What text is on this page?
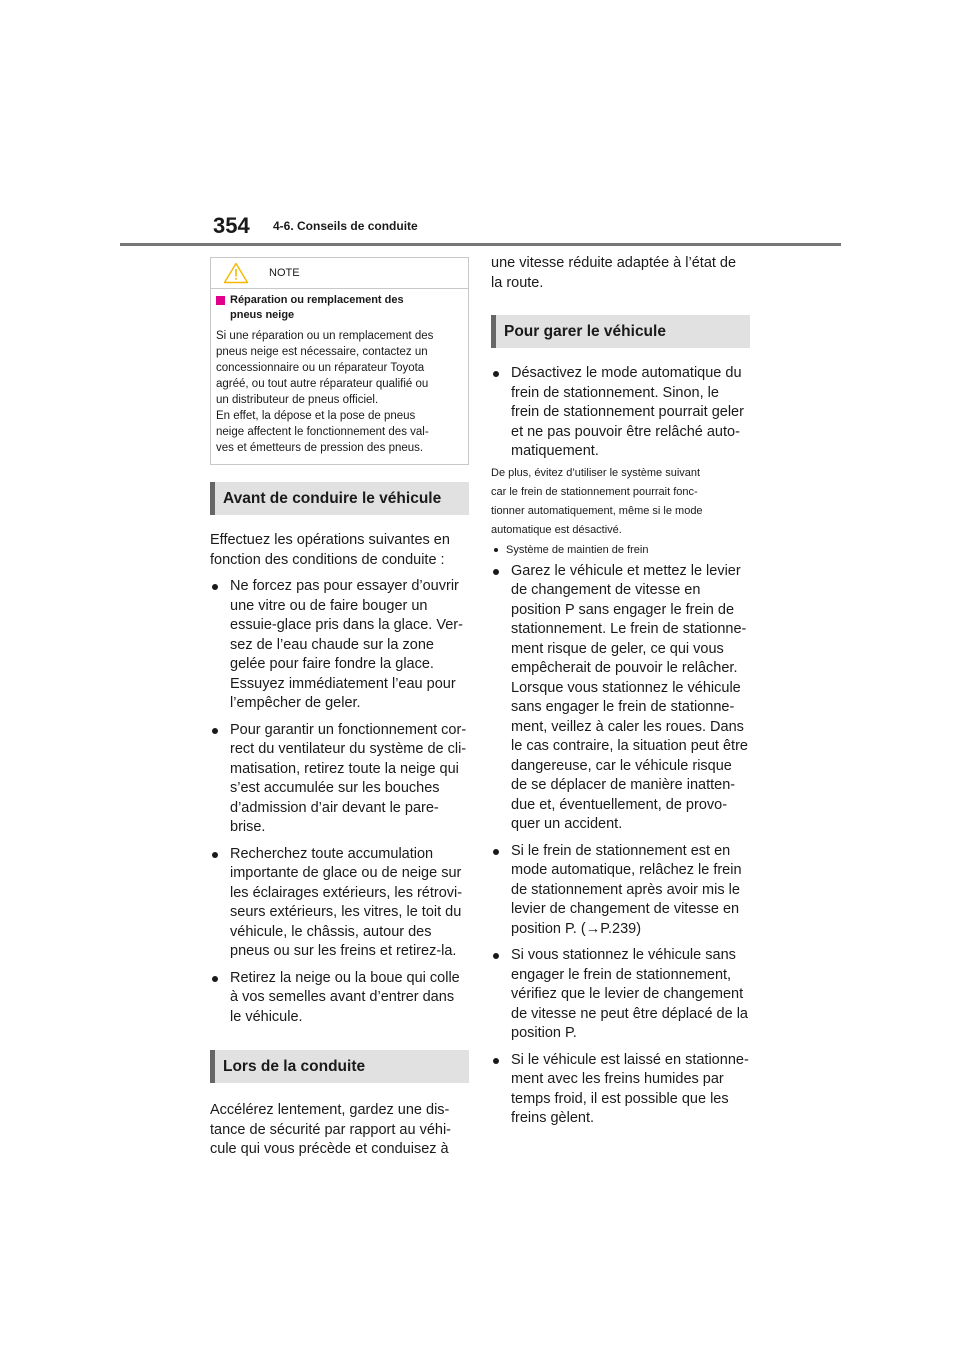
354 4-6. Conseils de conduite
NOTE
Réparation ou remplacement des
pneus neige
Si une réparation ou un remplacement des
pneus neige est nécessaire, contactez un
concessionnaire ou un réparateur Toyota
agréé, ou tout autre réparateur qualifié ou
un distributeur de pneus officiel.
En effet, la dépose et la pose de pneus
neige affectent le fonctionnement des val-
ves et émetteurs de pression des pneus.
Avant de conduire le véhicule
Effectuez les opérations suivantes en
fonction des conditions de conduite :
Ne forcez pas pour essayer d’ouvrir
une vitre ou de faire bouger un
essuie-glace pris dans la glace. Ver-
sez de l’eau chaude sur la zone
gelée pour faire fondre la glace.
Essuyez immédiatement l’eau pour
l’empêcher de geler.
Pour garantir un fonctionnement cor-
rect du ventilateur du système de cli-
matisation, retirez toute la neige qui
s’est accumulée sur les bouches
d’admission d’air devant le pare-
brise.
Recherchez toute accumulation
importante de glace ou de neige sur
les éclairages extérieurs, les rétrovi-
seurs extérieurs, les vitres, le toit du
véhicule, le châssis, autour des
pneus ou sur les freins et retirez-la.
Retirez la neige ou la boue qui colle
à vos semelles avant d’entrer dans
le véhicule.
Lors de la conduite
Accélérez lentement, gardez une dis-
tance de sécurité par rapport au véhi-
cule qui vous précède et conduisez à
une vitesse réduite adaptée à l’état de
la route.
Pour garer le véhicule
Désactivez le mode automatique du
frein de stationnement. Sinon, le
frein de stationnement pourrait geler
et ne pas pouvoir être relâché auto-
matiquement.
De plus, évitez d’utiliser le système suivant
car le frein de stationnement pourrait fonc-
tionner automatiquement, même si le mode
automatique est désactivé.
Système de maintien de frein
Garez le véhicule et mettez le levier
de changement de vitesse en
position P sans engager le frein de
stationnement. Le frein de stationne-
ment risque de geler, ce qui vous
empêcherait de pouvoir le relâcher.
Lorsque vous stationnez le véhicule
sans engager le frein de stationne-
ment, veillez à caler les roues. Dans
le cas contraire, la situation peut être
dangereuse, car le véhicule risque
de se déplacer de manière inatten-
due et, éventuellement, de provo-
quer un accident.
Si le frein de stationnement est en
mode automatique, relâchez le frein
de stationnement après avoir mis le
levier de changement de vitesse en
position P. (→P.239)
Si vous stationnez le véhicule sans
engager le frein de stationnement,
vérifiez que le levier de changement
de vitesse ne peut être déplacé de la
position P.
Si le véhicule est laissé en stationne-
ment avec les freins humides par
temps froid, il est possible que les
freins gèlent.
